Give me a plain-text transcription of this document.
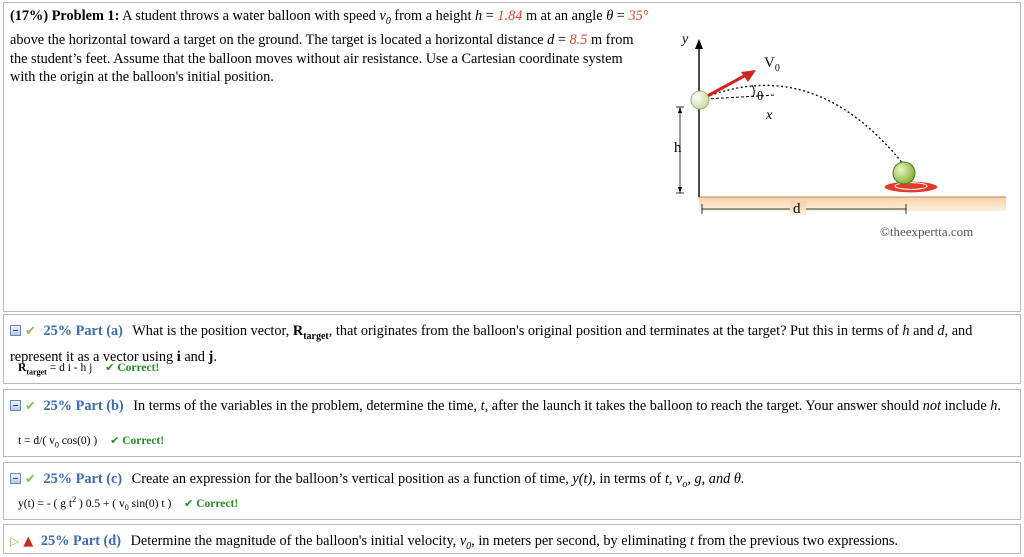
(17%) Problem 1: A student throws a water balloon with speed $v_0$ from a height h = 1.84 m at an angle θ = 35° above the horizontal toward a target on the ground. The target is located a horizontal distance d = 8.5 m from the student’s feet. Assume that the balloon moves without air resistance. Use a Cartesian coordinate system with the origin at the balloon's initial position.
y
h
d
x
$V_0$
θ
©theexpertta.com
✔ 25% Part (a) What is the position vector, $R_{target}$, that originates from the balloon's original position and terminates at the target? Put this in terms of h and d, and represent it as a vector using i and j.
$R_{target} = d$ i - h j ✔ Correct!
✔ 25% Part (b) In terms of the variables in the problem, determine the time, t, after the launch it takes the balloon to reach the target. Your answer should not include h.
t = d/( $v_0$ cos(0) ) ✔ Correct!
✔ 25% Part (c) Create an expression for the balloon’s vertical position as a function of time, y(t), in terms of t, $v_o$, g, and θ.
y(t) = - ( g $t^2$ ) 0.5 + ( $v_0$ sin(0) t ) ✔ Correct!
▷ ▲ 25% Part (d) Determine the magnitude of the balloon's initial velocity, $v_0$, in meters per second, by eliminating t from the previous two expressions.
